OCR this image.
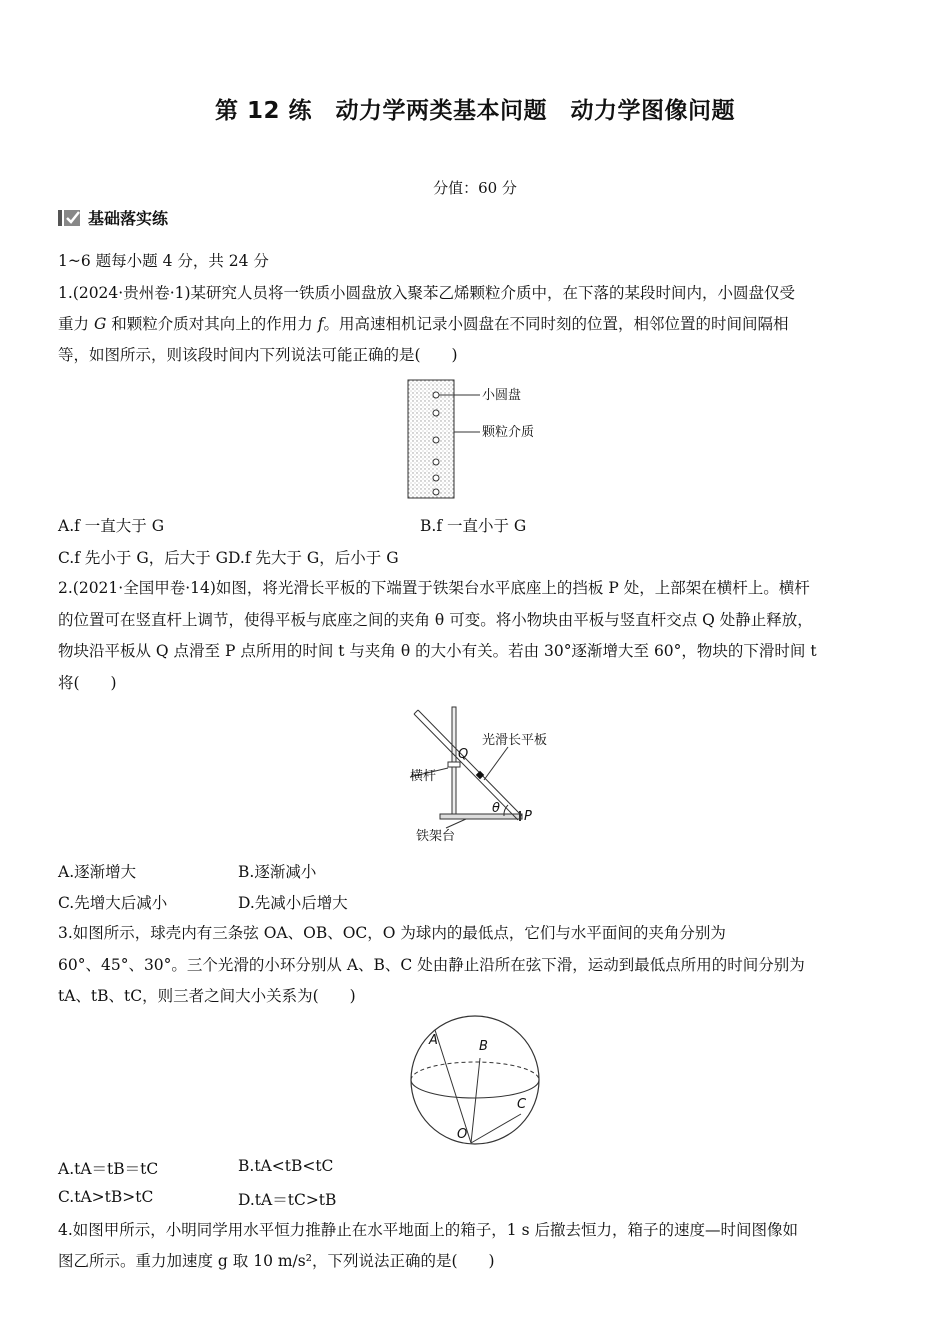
第 12 练　动力学两类基本问题　动力学图像问题
分值：60 分
基础落实练
1~6 题每小题 4 分，共 24 分
1.(2024·贵州卷·1)某研究人员将一铁质小圆盘放入聚苯乙烯颗粒介质中，在下落的某段时间内，小圆盘仅受
重力 G 和颗粒介质对其向上的作用力 f。用高速相机记录小圆盘在不同时刻的位置，相邻位置的时间间隔相
等，如图所示，则该段时间内下列说法可能正确的是(　　)
小圆盘
颗粒介质
A.f 一直大于 G	B.f 一直小于 G
C.f 先小于 G，后大于 GD.f 先大于 G，后小于 G
2.(2021·全国甲卷·14)如图，将光滑长平板的下端置于铁架台水平底座上的挡板 P 处，上部架在横杆上。横杆
的位置可在竖直杆上调节，使得平板与底座之间的夹角 θ 可变。将小物块由平板与竖直杆交点 Q 处静止释放，
物块沿平板从 Q 点滑至 P 点所用的时间 t 与夹角 θ 的大小有关。若由 30°逐渐增大至 60°，物块的下滑时间 t
将(　　)
光滑长平板
Q
横杆
θ
P
铁架台
A.逐渐增大	B.逐渐减小
C.先增大后减小	D.先减小后增大
3.如图所示，球壳内有三条弦 OA、OB、OC，O 为球内的最低点，它们与水平面间的夹角分别为
60°、45°、30°。三个光滑的小环分别从 A、B、C 处由静止沿所在弦下滑，运动到最低点所用的时间分别为
tA、tB、tC，则三者之间大小关系为(　　)
A	B
C
O
A.tA＝tB＝tC	B.tA<tB<tC
C.tA>tB>tC	D.tA＝tC>tB
4.如图甲所示，小明同学用水平恒力推静止在水平地面上的箱子，1 s 后撤去恒力，箱子的速度—时间图像如
图乙所示。重力加速度 g 取 10 m/s²，下列说法正确的是(　　)
